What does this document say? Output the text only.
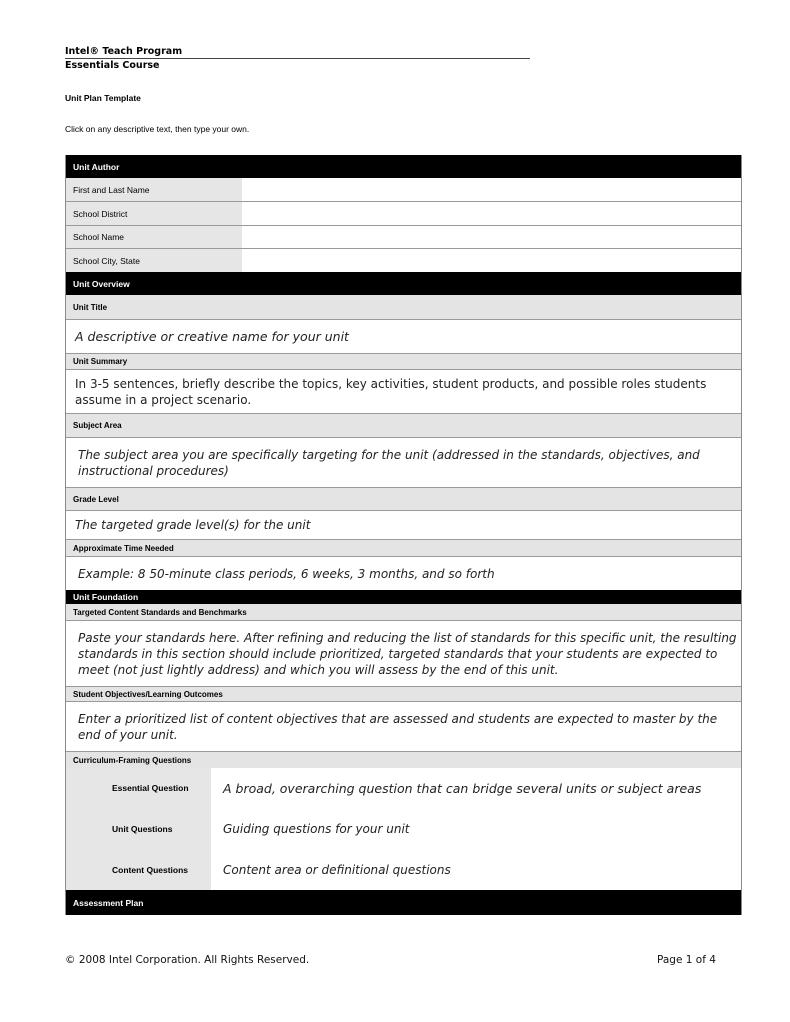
Intel® Teach Program
Essentials Course
Unit Plan Template
Click on any descriptive text, then type your own.
Unit Author
First and Last Name
School District
School Name
School City, State
Unit Overview
Unit Title
A descriptive or creative name for your unit
Unit Summary
In 3-5 sentences, briefly describe the topics, key activities, student products, and possible roles students assume in a project scenario.
Subject Area
The subject area you are specifically targeting for the unit (addressed in the standards, objectives, and instructional procedures)
Grade Level
The targeted grade level(s) for the unit
Approximate Time Needed
Example: 8 50-minute class periods, 6 weeks, 3 months, and so forth
Unit Foundation
Targeted Content Standards and Benchmarks
Paste your standards here. After refining and reducing the list of standards for this specific unit, the resulting standards in this section should include prioritized, targeted standards that your students are expected to meet (not just lightly address) and which you will assess by the end of this unit.
Student Objectives/Learning Outcomes
Enter a prioritized list of content objectives that are assessed and students are expected to master by the end of your unit.
Curriculum-Framing Questions
Essential Question
Unit Questions
Content Questions
A broad, overarching question that can bridge several units or subject areas
Guiding questions for your unit
Content area or definitional questions
Assessment Plan
© 2008 Intel Corporation. All Rights Reserved.	Page 1 of 4
